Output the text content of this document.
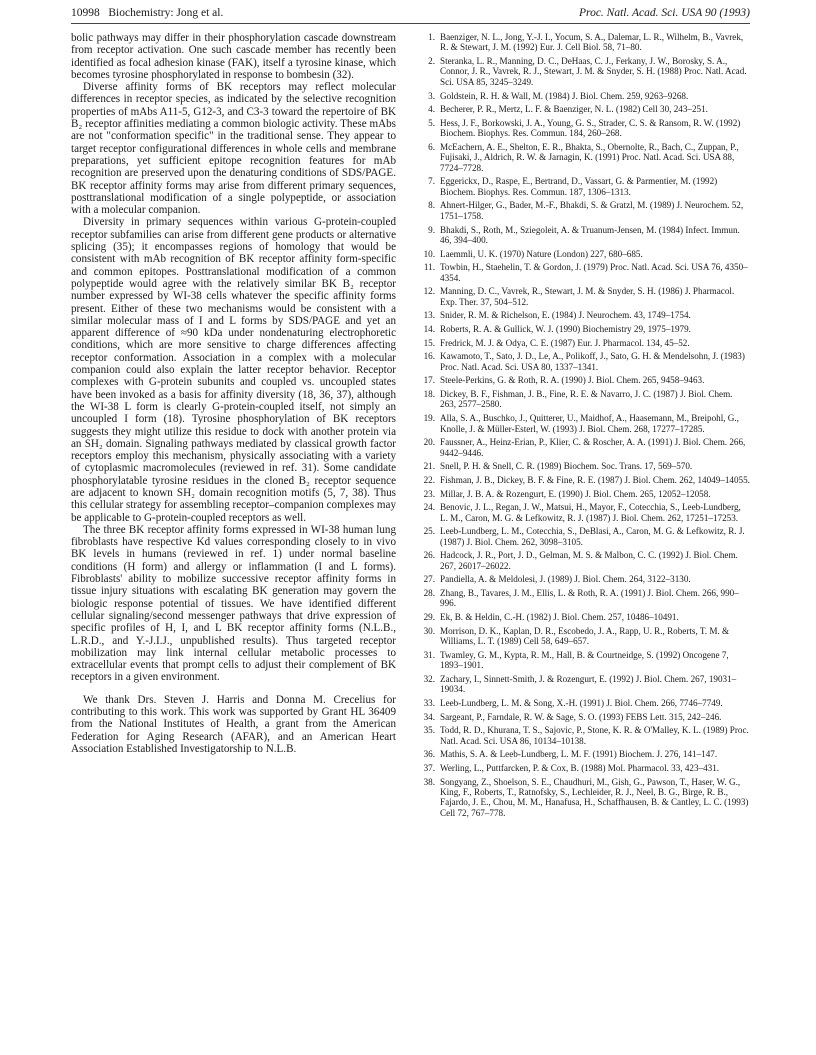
10998   Biochemistry: Jong et al.	Proc. Natl. Acad. Sci. USA 90 (1993)

bolic pathways may differ in their phosphorylation cascade downstream from receptor activation. One such cascade member has recently been identified as focal adhesion kinase (FAK), itself a tyrosine kinase, which becomes tyrosine phosphorylated in response to bombesin (32).

Diverse affinity forms of BK receptors may reflect molecular differences in receptor species, as indicated by the selective recognition properties of mAbs A11-5, G12-3, and C3-3 toward the repertoire of BK B₂ receptor affinities mediating a common biologic activity. These mAbs are not "conformation specific" in the traditional sense. They appear to target receptor configurational differences in whole cells and membrane preparations, yet sufficient epitope recognition features for mAb recognition are preserved upon the denaturing conditions of SDS/PAGE. BK receptor affinity forms may arise from different primary sequences, posttranslational modification of a single polypeptide, or association with a molecular companion.

Diversity in primary sequences within various G-protein-coupled receptor subfamilies can arise from different gene products or alternative splicing (35); it encompasses regions of homology that would be consistent with mAb recognition of BK receptor affinity form-specific and common epitopes. Posttranslational modification of a common polypeptide would agree with the relatively similar BK B₂ receptor number expressed by WI-38 cells whatever the specific affinity forms present. Either of these two mechanisms would be consistent with a similar molecular mass of I and L forms by SDS/PAGE and yet an apparent difference of ≈90 kDa under nondenaturing electrophoretic conditions, which are more sensitive to charge differences affecting receptor conformation. Association in a complex with a molecular companion could also explain the latter receptor behavior. Receptor complexes with G-protein subunits and coupled vs. uncoupled states have been invoked as a basis for affinity diversity (18, 36, 37), although the WI-38 L form is clearly G-protein-coupled itself, not simply an uncoupled I form (18). Tyrosine phosphorylation of BK receptors suggests they might utilize this residue to dock with another protein via an SH₂ domain. Signaling pathways mediated by classical growth factor receptors employ this mechanism, physically associating with a variety of cytoplasmic macromolecules (reviewed in ref. 31). Some candidate phosphorylatable tyrosine residues in the cloned B₂ receptor sequence are adjacent to known SH₂ domain recognition motifs (5, 7, 38). Thus this cellular strategy for assembling receptor–companion complexes may be applicable to G-protein-coupled receptors as well.

The three BK receptor affinity forms expressed in WI-38 human lung fibroblasts have respective Kd values corresponding closely to in vivo BK levels in humans (reviewed in ref. 1) under normal baseline conditions (H form) and allergy or inflammation (I and L forms). Fibroblasts' ability to mobilize successive receptor affinity forms in tissue injury situations with escalating BK generation may govern the biologic response potential of tissues. We have identified different cellular signaling/second messenger pathways that drive expression of specific profiles of H, I, and L BK receptor affinity forms (N.L.B., L.R.D., and Y.-J.I.J., unpublished results). Thus targeted receptor mobilization may link internal cellular metabolic processes to extracellular events that prompt cells to adjust their complement of BK receptors in a given environment.

We thank Drs. Steven J. Harris and Donna M. Crecelius for contributing to this work. This work was supported by Grant HL 36409 from the National Institutes of Health, a grant from the American Federation for Aging Research (AFAR), and an American Heart Association Established Investigatorship to N.L.B.

1. Baenziger, N. L., Jong, Y.-J. I., Yocum, S. A., Dalemar, L. R., Wilhelm, B., Vavrek, R. & Stewart, J. M. (1992) Eur. J. Cell Biol. 58, 71–80.
2. Steranka, L. R., Manning, D. C., DeHaas, C. J., Ferkany, J. W., Borosky, S. A., Connor, J. R., Vavrek, R. J., Stewart, J. M. & Snyder, S. H. (1988) Proc. Natl. Acad. Sci. USA 85, 3245–3249.
3. Goldstein, R. H. & Wall, M. (1984) J. Biol. Chem. 259, 9263–9268.
4. Becherer, P. R., Mertz, L. F. & Baenziger, N. L. (1982) Cell 30, 243–251.
5. Hess, J. F., Borkowski, J. A., Young, G. S., Strader, C. S. & Ransom, R. W. (1992) Biochem. Biophys. Res. Commun. 184, 260–268.
6. McEachern, A. E., Shelton, E. R., Bhakta, S., Obernolte, R., Bach, C., Zuppan, P., Fujisaki, J., Aldrich, R. W. & Jarnagin, K. (1991) Proc. Natl. Acad. Sci. USA 88, 7724–7728.
7. Eggerickx, D., Raspe, E., Bertrand, D., Vassart, G. & Parmentier, M. (1992) Biochem. Biophys. Res. Commun. 187, 1306–1313.
8. Ahnert-Hilger, G., Bader, M.-F., Bhakdi, S. & Gratzl, M. (1989) J. Neurochem. 52, 1751–1758.
9. Bhakdi, S., Roth, M., Sziegoleit, A. & Truanum-Jensen, M. (1984) Infect. Immun. 46, 394–400.
10. Laemmli, U. K. (1970) Nature (London) 227, 680–685.
11. Towbin, H., Staehelin, T. & Gordon, J. (1979) Proc. Natl. Acad. Sci. USA 76, 4350–4354.
12. Manning, D. C., Vavrek, R., Stewart, J. M. & Snyder, S. H. (1986) J. Pharmacol. Exp. Ther. 37, 504–512.
13. Snider, R. M. & Richelson, E. (1984) J. Neurochem. 43, 1749–1754.
14. Roberts, R. A. & Gullick, W. J. (1990) Biochemistry 29, 1975–1979.
15. Fredrick, M. J. & Odya, C. E. (1987) Eur. J. Pharmacol. 134, 45–52.
16. Kawamoto, T., Sato, J. D., Le, A., Polikoff, J., Sato, G. H. & Mendelsohn, J. (1983) Proc. Natl. Acad. Sci. USA 80, 1337–1341.
17. Steele-Perkins, G. & Roth, R. A. (1990) J. Biol. Chem. 265, 9458–9463.
18. Dickey, B. F., Fishman, J. B., Fine, R. E. & Navarro, J. C. (1987) J. Biol. Chem. 263, 2577–2580.
19. Alla, S. A., Buschko, J., Quitterer, U., Maidhof, A., Haasemann, M., Breipohl, G., Knolle, J. & Müller-Esterl, W. (1993) J. Biol. Chem. 268, 17277–17285.
20. Faussner, A., Heinz-Erian, P., Klier, C. & Roscher, A. A. (1991) J. Biol. Chem. 266, 9442–9446.
21. Snell, P. H. & Snell, C. R. (1989) Biochem. Soc. Trans. 17, 569–570.
22. Fishman, J. B., Dickey, B. F. & Fine, R. E. (1987) J. Biol. Chem. 262, 14049–14055.
23. Millar, J. B. A. & Rozengurt, E. (1990) J. Biol. Chem. 265, 12052–12058.
24. Benovic, J. L., Regan, J. W., Matsui, H., Mayor, F., Cotecchia, S., Leeb-Lundberg, L. M., Caron, M. G. & Lefkowitz, R. J. (1987) J. Biol. Chem. 262, 17251–17253.
25. Leeb-Lundberg, L. M., Cotecchia, S., DeBlasi, A., Caron, M. G. & Lefkowitz, R. J. (1987) J. Biol. Chem. 262, 3098–3105.
26. Hadcock, J. R., Port, J. D., Gelman, M. S. & Malbon, C. C. (1992) J. Biol. Chem. 267, 26017–26022.
27. Pandiella, A. & Meldolesi, J. (1989) J. Biol. Chem. 264, 3122–3130.
28. Zhang, B., Tavares, J. M., Ellis, L. & Roth, R. A. (1991) J. Biol. Chem. 266, 990–996.
29. Ek, B. & Heldin, C.-H. (1982) J. Biol. Chem. 257, 10486–10491.
30. Morrison, D. K., Kaplan, D. R., Escobedo, J. A., Rapp, U. R., Roberts, T. M. & Williams, L. T. (1989) Cell 58, 649–657.
31. Twamley, G. M., Kypta, R. M., Hall, B. & Courtneidge, S. (1992) Oncogene 7, 1893–1901.
32. Zachary, I., Sinnett-Smith, J. & Rozengurt, E. (1992) J. Biol. Chem. 267, 19031–19034.
33. Leeb-Lundberg, L. M. & Song, X.-H. (1991) J. Biol. Chem. 266, 7746–7749.
34. Sargeant, P., Farndale, R. W. & Sage, S. O. (1993) FEBS Lett. 315, 242–246.
35. Todd, R. D., Khurana, T. S., Sajovic, P., Stone, K. R. & O'Malley, K. L. (1989) Proc. Natl. Acad. Sci. USA 86, 10134–10138.
36. Mathis, S. A. & Leeb-Lundberg, L. M. F. (1991) Biochem. J. 276, 141–147.
37. Werling, L., Puttfarcken, P. & Cox, B. (1988) Mol. Pharmacol. 33, 423–431.
38. Songyang, Z., Shoelson, S. E., Chaudhuri, M., Gish, G., Pawson, T., Haser, W. G., King, F., Roberts, T., Ratnofsky, S., Lechleider, R. J., Neel, B. G., Birge, R. B., Fajardo, J. E., Chou, M. M., Hanafusa, H., Schaffhausen, B. & Cantley, L. C. (1993) Cell 72, 767–778.
